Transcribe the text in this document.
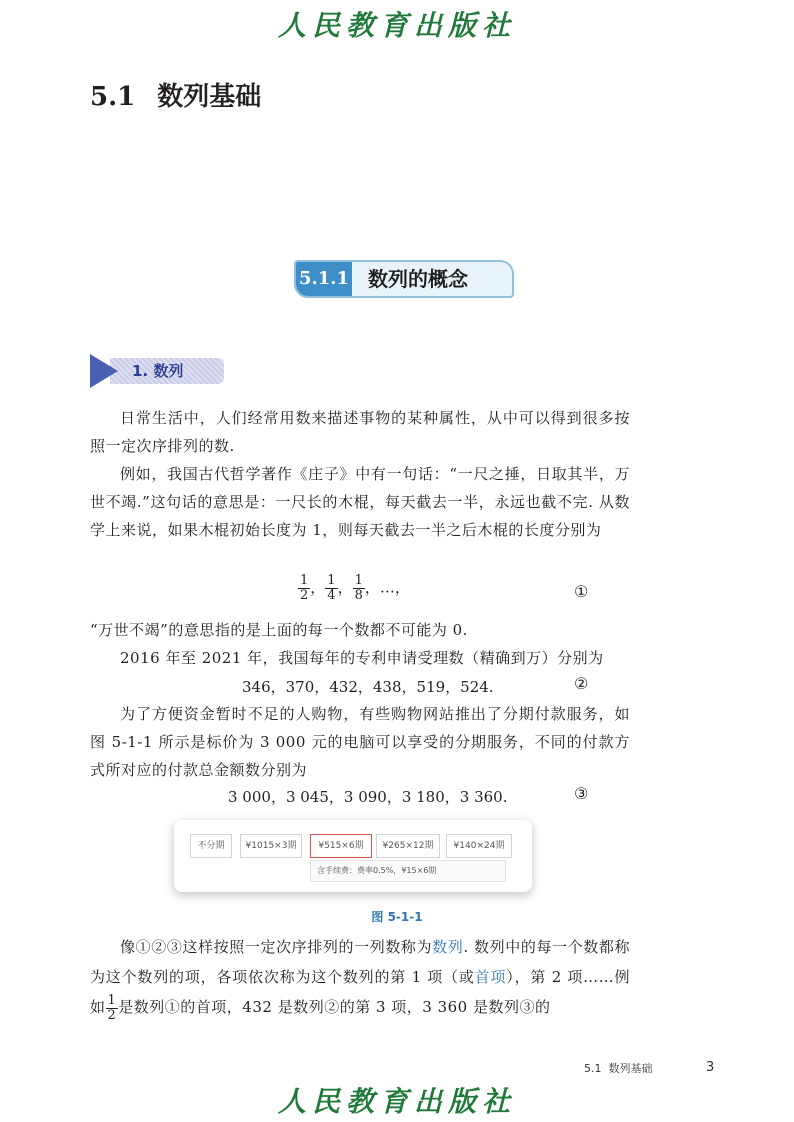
人民教育出版社
5.1 数列基础
5.1.1 数列的概念
1. 数列
日常生活中，人们经常用数来描述事物的某种属性，从中可以得到很多按照一定次序排列的数.
例如，我国古代哲学著作《庄子》中有一句话：“一尺之捶，日取其半，万世不竭.”这句话的意思是：一尺长的木棍，每天截去一半，永远也截不完. 从数学上来说，如果木棍初始长度为 1，则每天截去一半之后木棍的长度分别为
$\frac{1}{2}$ ， $\frac{1}{4}$ ， $\frac{1}{8}$ ，…，	①
“万世不竭”的意思指的是上面的每一个数都不可能为 0.
2016 年至 2021 年，我国每年的专利申请受理数（精确到万）分别为
346，370，432，438，519，524.	②
为了方便资金暂时不足的人购物，有些购物网站推出了分期付款服务，如图 5-1-1 所示是标价为 3 000 元的电脑可以享受的分期服务，不同的付款方式所对应的付款总金额数分别为
3 000，3 045，3 090，3 180，3 360.	③
不分期	¥1015×3期	¥515×6期	¥265×12期	¥140×24期
含手续费：费率0.5%，¥15×6期
图 5-1-1
像①②③这样按照一定次序排列的一列数称为数列. 数列中的每一个数都称为这个数列的项，各项依次称为这个数列的第 1 项（或首项），第 2 项……例如 $\frac{1}{2}$ 是数列①的首项，432 是数列②的第 3 项，3 360 是数列③的
5.1 数列基础	3
人民教育出版社
